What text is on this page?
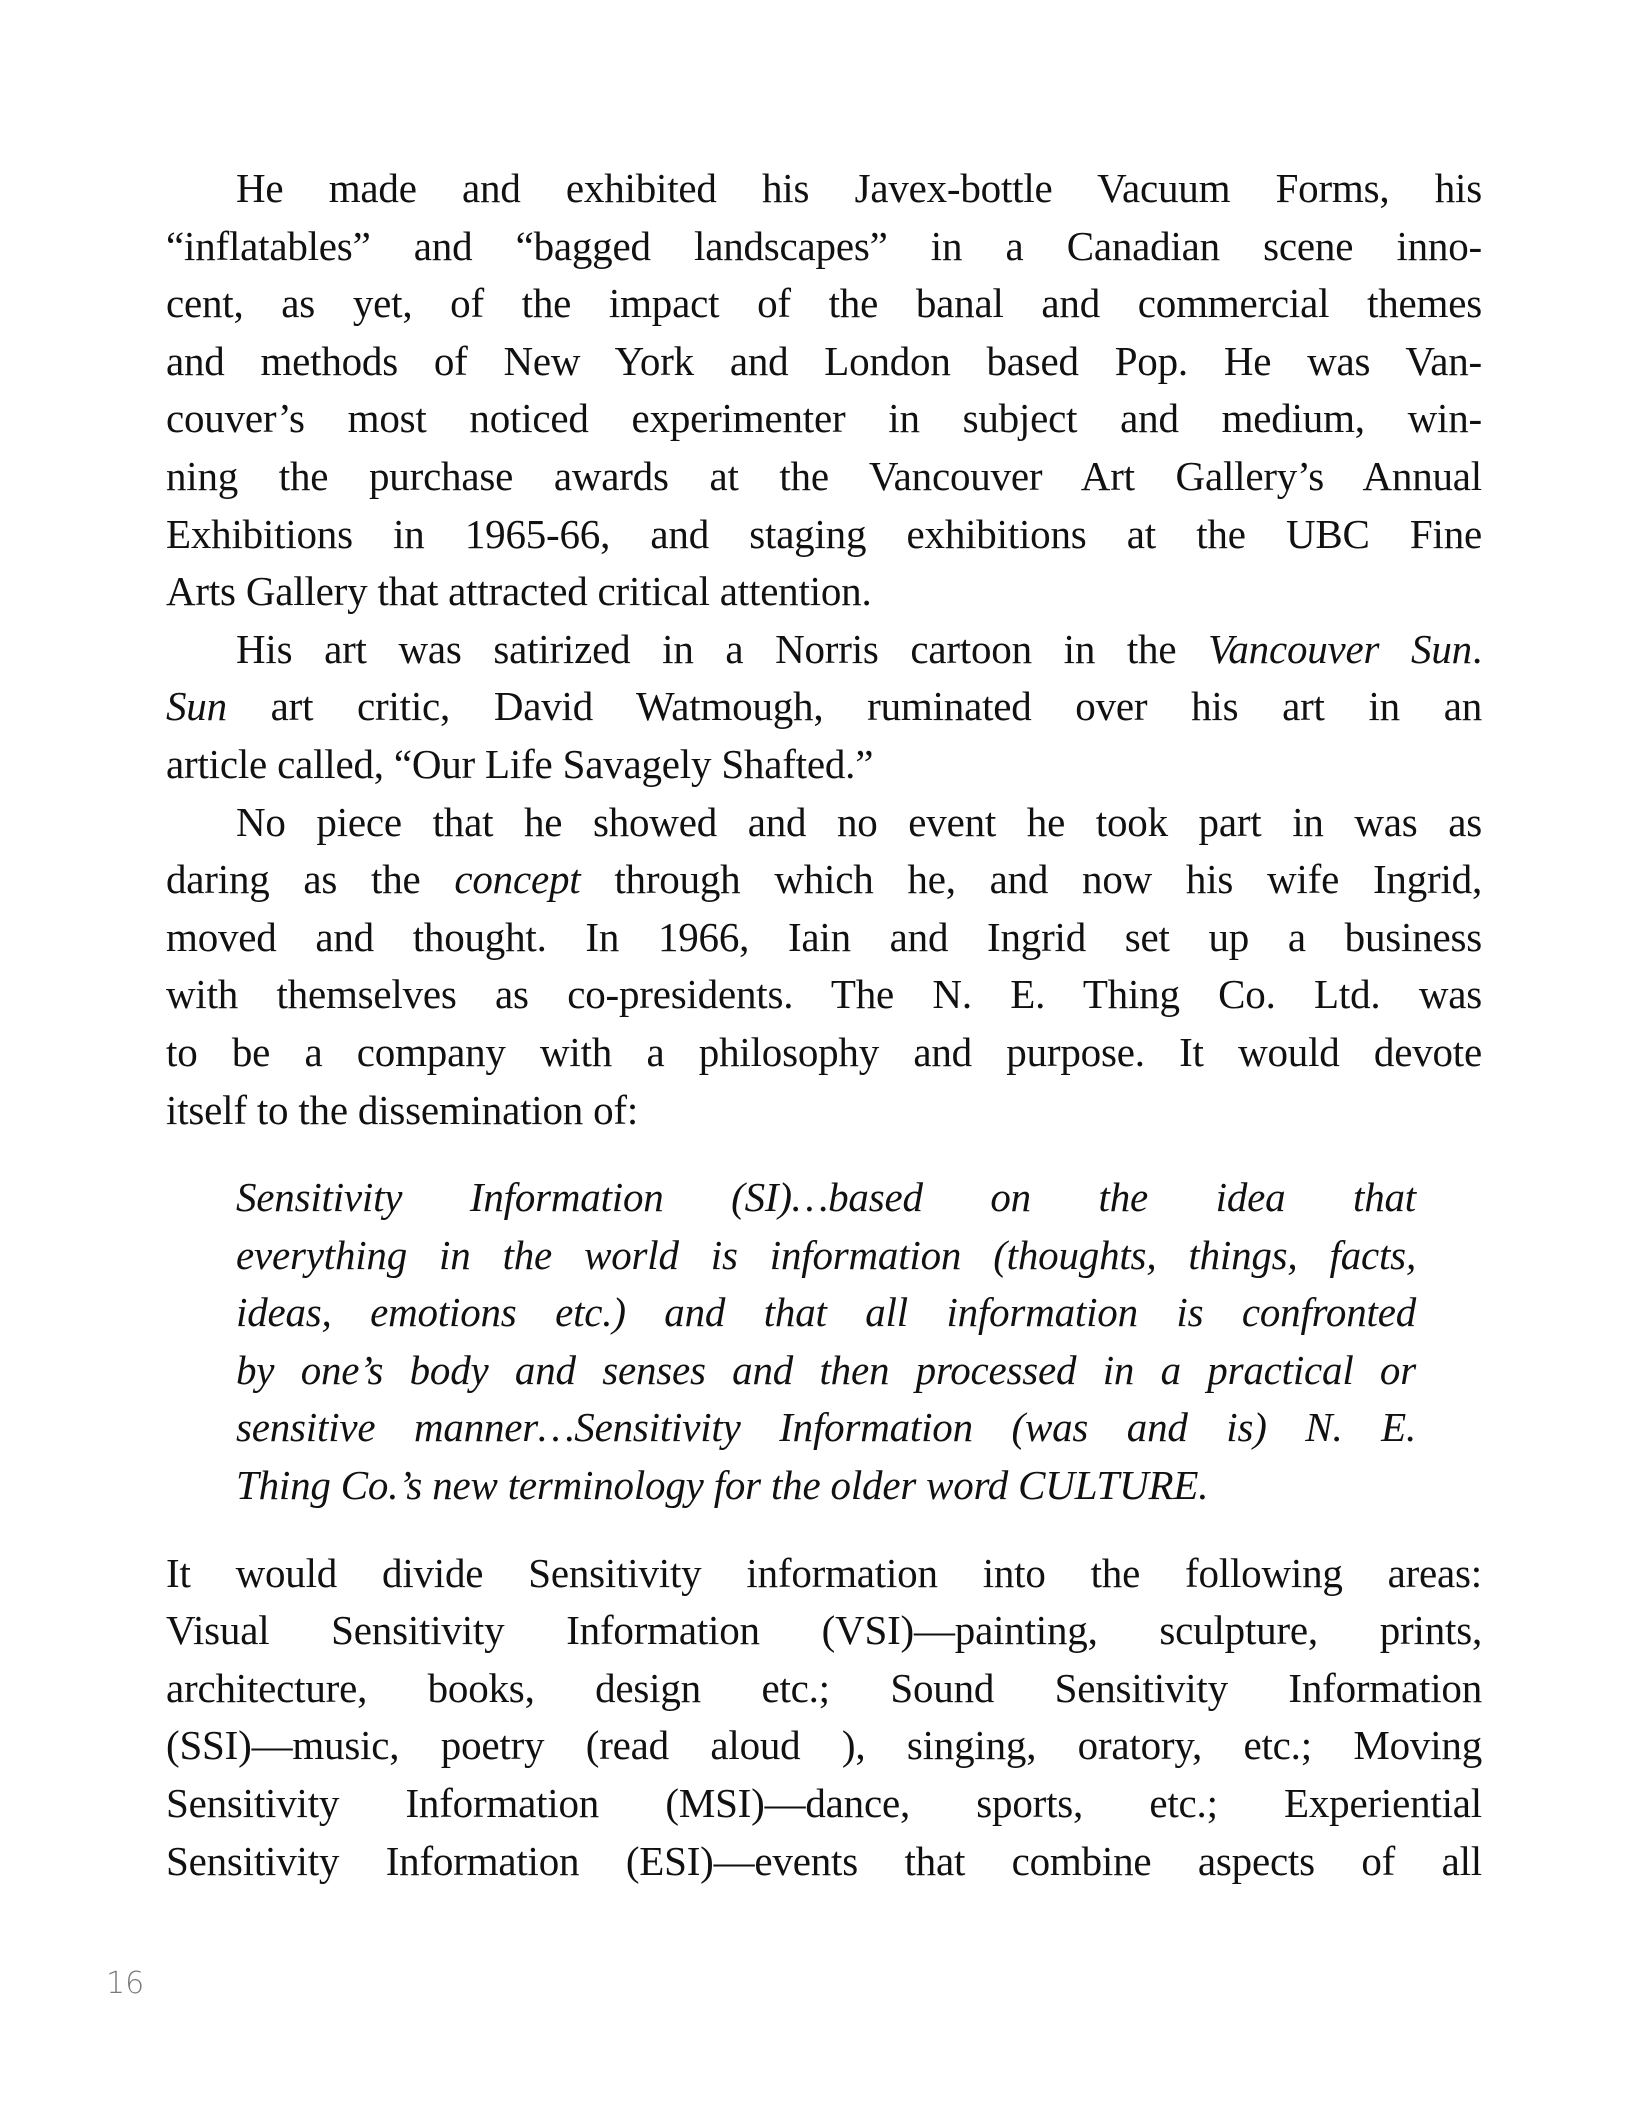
He made and exhibited his Javex-bottle Vacuum Forms, his
“inflatables” and “bagged landscapes” in a Canadian scene inno-
cent, as yet, of the impact of the banal and commercial themes
and methods of New York and London based Pop. He was Van-
couver’s most noticed experimenter in subject and medium, win-
ning the purchase awards at the Vancouver Art Gallery’s Annual
Exhibitions in 1965-66, and staging exhibitions at the UBC Fine
Arts Gallery that attracted critical attention.
His art was satirized in a Norris cartoon in the Vancouver Sun.
Sun art critic, David Watmough, ruminated over his art in an
article called, “Our Life Savagely Shafted.”
No piece that he showed and no event he took part in was as
daring as the concept through which he, and now his wife Ingrid,
moved and thought. In 1966, Iain and Ingrid set up a business
with themselves as co-presidents. The N. E. Thing Co. Ltd. was
to be a company with a philosophy and purpose. It would devote
itself to the dissemination of:
Sensitivity Information (SI)…based on the idea that
everything in the world is information (thoughts, things, facts,
ideas, emotions etc.) and that all information is confronted
by one’s body and senses and then processed in a practical or
sensitive manner…Sensitivity Information (was and is) N. E.
Thing Co.’s new terminology for the older word CULTURE.
It would divide Sensitivity information into the following areas:
Visual Sensitivity Information (VSI)—painting, sculpture, prints,
architecture, books, design etc.; Sound Sensitivity Information
(SSI)—music, poetry (read aloud ), singing, oratory, etc.; Moving
Sensitivity Information (MSI)—dance, sports, etc.; Experiential
Sensitivity Information (ESI)—events that combine aspects of all
16
